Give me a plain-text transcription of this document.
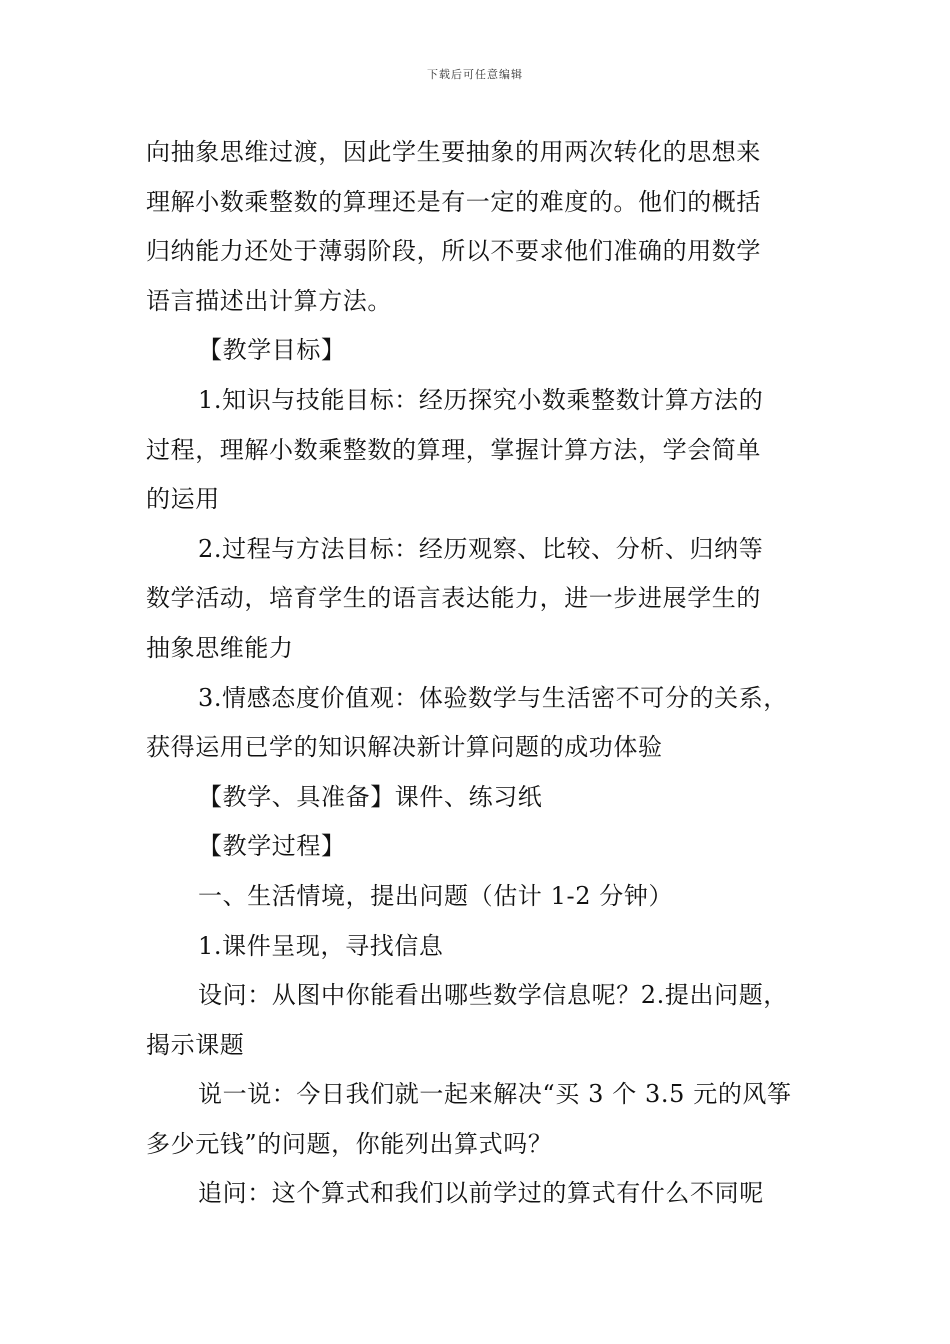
下载后可任意编辑
向抽象思维过渡，因此学生要抽象的用两次转化的思想来
理解小数乘整数的算理还是有一定的难度的。他们的概括
归纳能力还处于薄弱阶段，所以不要求他们准确的用数学
语言描述出计算方法。
【教学目标】
1.知识与技能目标：经历探究小数乘整数计算方法的
过程，理解小数乘整数的算理，掌握计算方法，学会简单
的运用
2.过程与方法目标：经历观察、比较、分析、归纳等
数学活动，培育学生的语言表达能力，进一步进展学生的
抽象思维能力
3.情感态度价值观：体验数学与生活密不可分的关系，
获得运用已学的知识解决新计算问题的成功体验
【教学、具准备】课件、练习纸
【教学过程】
一、生活情境，提出问题（估计 1-2 分钟）
1.课件呈现，寻找信息
设问：从图中你能看出哪些数学信息呢？2.提出问题，
揭示课题
说一说：今日我们就一起来解决“买 3 个 3.5 元的风筝
多少元钱”的问题，你能列出算式吗？
追问：这个算式和我们以前学过的算式有什么不同呢
